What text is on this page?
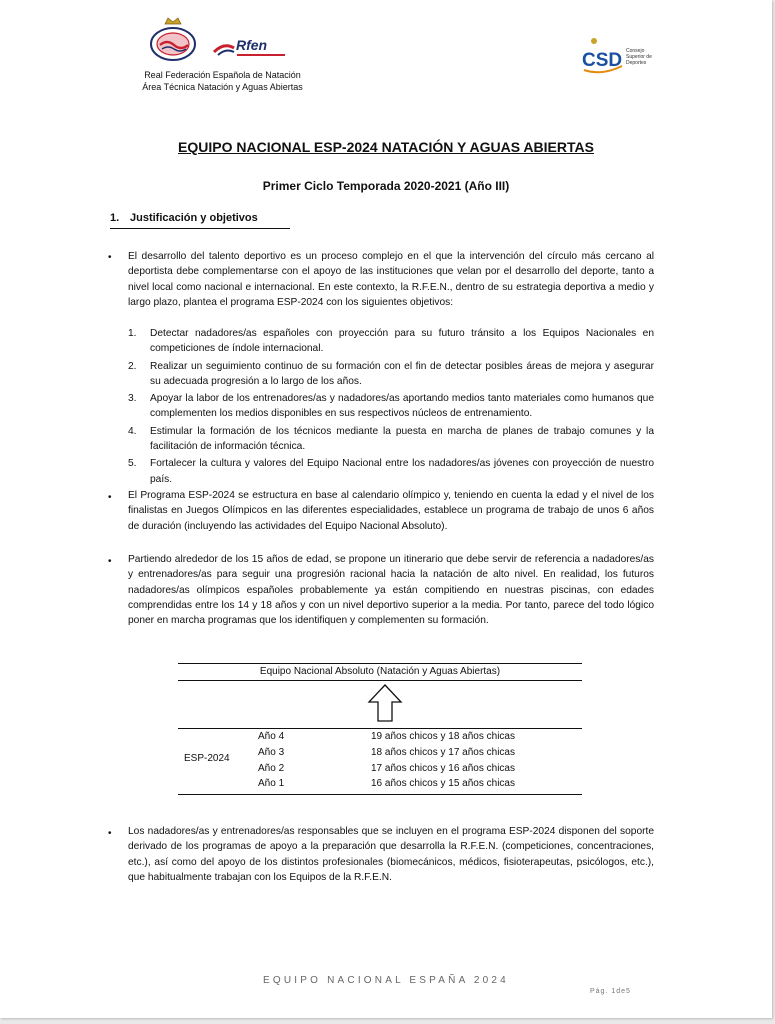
Rfen
Real Federación Española de Natación
Área Técnica Natación y Aguas Abiertas
CSD Consejo Superior de Deportes
EQUIPO NACIONAL ESP-2024 NATACIÓN Y AGUAS ABIERTAS
Primer Ciclo Temporada 2020-2021 (Año III)
1. Justificación y objetivos
• El desarrollo del talento deportivo es un proceso complejo en el que la intervención del círculo más cercano al deportista debe complementarse con el apoyo de las instituciones que velan por el desarrollo del deporte, tanto a nivel local como nacional e internacional. En este contexto, la R.F.E.N., dentro de su estrategia deportiva a medio y largo plazo, plantea el programa ESP-2024 con los siguientes objetivos:
1. Detectar nadadores/as españoles con proyección para su futuro tránsito a los Equipos Nacionales en competiciones de índole internacional.
2. Realizar un seguimiento continuo de su formación con el fin de detectar posibles áreas de mejora y asegurar su adecuada progresión a lo largo de los años.
3. Apoyar la labor de los entrenadores/as y nadadores/as aportando medios tanto materiales como humanos que complementen los medios disponibles en sus respectivos núcleos de entrenamiento.
4. Estimular la formación de los técnicos mediante la puesta en marcha de planes de trabajo comunes y la facilitación de información técnica.
5. Fortalecer la cultura y valores del Equipo Nacional entre los nadadores/as jóvenes con proyección de nuestro país.
• El Programa ESP-2024 se estructura en base al calendario olímpico y, teniendo en cuenta la edad y el nivel de los finalistas en Juegos Olímpicos en las diferentes especialidades, establece un programa de trabajo de unos 6 años de duración (incluyendo las actividades del Equipo Nacional Absoluto).
• Partiendo alrededor de los 15 años de edad, se propone un itinerario que debe servir de referencia a nadadores/as y entrenadores/as para seguir una progresión racional hacia la natación de alto nivel. En realidad, los futuros nadadores/as olímpicos españoles probablemente ya están compitiendo en nuestras piscinas, con edades comprendidas entre los 14 y 18 años y con un nivel deportivo superior a la media. Por tanto, parece del todo lógico poner en marcha programas que los identifiquen y complementen su formación.
Equipo Nacional Absoluto (Natación y Aguas Abiertas)
ESP-2024
Año 4	19 años chicos y 18 años chicas
Año 3	18 años chicos y 17 años chicas
Año 2	17 años chicos y 16 años chicas
Año 1	16 años chicos y 15 años chicas
• Los nadadores/as y entrenadores/as responsables que se incluyen en el programa ESP-2024 disponen del soporte derivado de los programas de apoyo a la preparación que desarrolla la R.F.E.N. (competiciones, concentraciones, etc.), así como del apoyo de los distintos profesionales (biomecánicos, médicos, fisioterapeutas, psicólogos, etc.), que habitualmente trabajan con los Equipos de la R.F.E.N.
EQUIPO NACIONAL ESPAÑA 2024
Pág. 1de5
